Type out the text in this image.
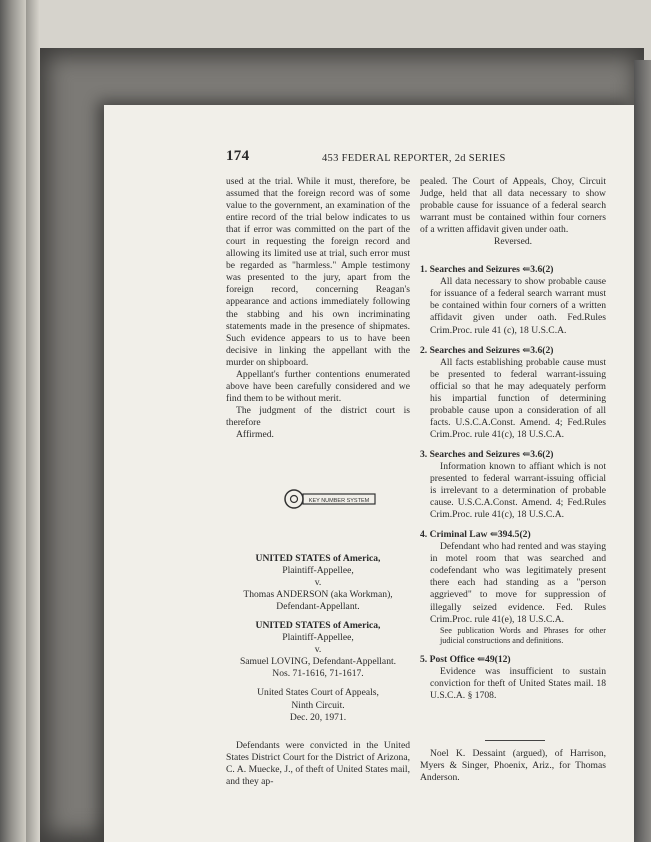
174	453 FEDERAL REPORTER, 2d SERIES

used at the trial. While it must, therefore, be assumed that the foreign record was of some value to the government, an examination of the entire record of the trial below indicates to us that if error was committed on the part of the court in requesting the foreign record and allowing its limited use at trial, such error must be regarded as "harmless." Ample testimony was presented to the jury, apart from the foreign record, concerning Reagan's appearance and actions immediately following the stabbing and his own incriminating statements made in the presence of shipmates. Such evidence appears to us to have been decisive in linking the appellant with the murder on shipboard.

Appellant's further contentions enumerated above have been carefully considered and we find them to be without merit.

The judgment of the district court is therefore

Affirmed.

KEY NUMBER SYSTEM
UNITED STATES of America,
Plaintiff-Appellee,
v.
Thomas ANDERSON (aka Workman),
Defendant-Appellant.
UNITED STATES of America,
Plaintiff-Appellee,
v.
Samuel LOVING, Defendant-Appellant.
Nos. 71-1616, 71-1617.
United States Court of Appeals,
Ninth Circuit.
Dec. 20, 1971.
Defendants were convicted in the United States District Court for the District of Arizona, C. A. Muecke, J., of theft of United States mail, and they ap-

pealed. The Court of Appeals, Choy, Circuit Judge, held that all data necessary to show probable cause for issuance of a federal search warrant must be contained within four corners of a written affidavit given under oath.

Reversed.

1. Searches and Seizures ⇐3.6(2)

All data necessary to show probable cause for issuance of a federal search warrant must be contained within four corners of a written affidavit given under oath. Fed.Rules Crim.Proc. rule 41 (c), 18 U.S.C.A.

2. Searches and Seizures ⇐3.6(2)

All facts establishing probable cause must be presented to federal warrant-issuing official so that he may adequately perform his impartial function of determining probable cause upon a consideration of all facts. U.S.C.A.Const. Amend. 4; Fed.Rules Crim.Proc. rule 41(c), 18 U.S.C.A.

3. Searches and Seizures ⇐3.6(2)

Information known to affiant which is not presented to federal warrant-issuing official is irrelevant to a determination of probable cause. U.S.C.A.Const. Amend. 4; Fed.Rules Crim.Proc. rule 41(c), 18 U.S.C.A.

4. Criminal Law ⇐394.5(2)

Defendant who had rented and was staying in motel room that was searched and codefendant who was legitimately present there each had standing as a "person aggrieved" to move for suppression of illegally seized evidence. Fed. Rules Crim.Proc. rule 41(e), 18 U.S.C.A.

See publication Words and Phrases for other judicial constructions and definitions.

5. Post Office ⇐49(12)

Evidence was insufficient to sustain conviction for theft of United States mail. 18 U.S.C.A. § 1708.

Noel K. Dessaint (argued), of Harrison, Myers & Singer, Phoenix, Ariz., for Thomas Anderson.
